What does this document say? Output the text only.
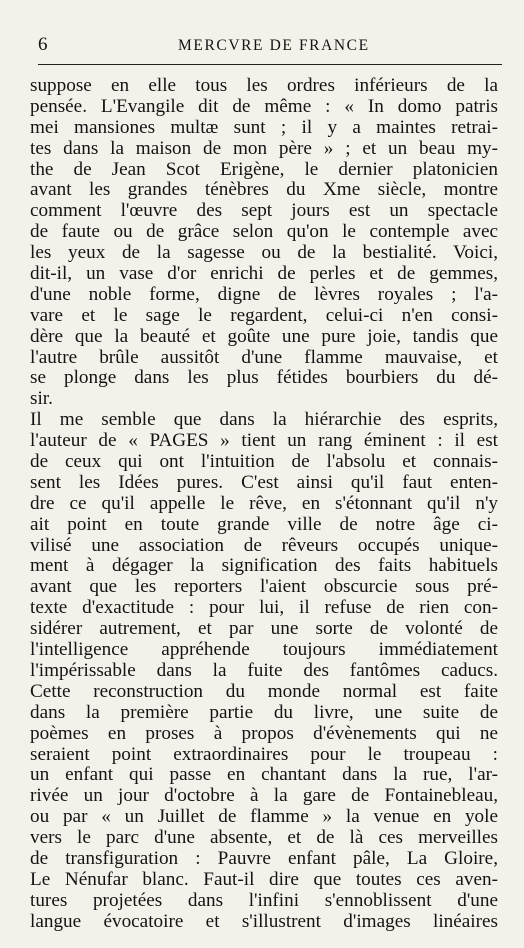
6	MERCVRE DE FRANCE
suppose en elle tous les ordres inférieurs de la
pensée. L'Evangile dit de même : « In domo patris
mei mansiones multæ sunt ; il y a maintes retrai-
tes dans la maison de mon père » ; et un beau my-
the de Jean Scot Erigène, le dernier platonicien
avant les grandes ténèbres du Xme siècle, montre
comment l'œuvre des sept jours est un spectacle
de faute ou de grâce selon qu'on le contemple avec
les yeux de la sagesse ou de la bestialité. Voici,
dit-il, un vase d'or enrichi de perles et de gemmes,
d'une noble forme, digne de lèvres royales ; l'a-
vare et le sage le regardent, celui-ci n'en consi-
dère que la beauté et goûte une pure joie, tandis que
l'autre brûle aussitôt d'une flamme mauvaise, et
se plonge dans les plus fétides bourbiers du dé-
sir.
Il me semble que dans la hiérarchie des esprits,
l'auteur de « PAGES » tient un rang éminent : il est
de ceux qui ont l'intuition de l'absolu et connais-
sent les Idées pures. C'est ainsi qu'il faut enten-
dre ce qu'il appelle le rêve, en s'étonnant qu'il n'y
ait point en toute grande ville de notre âge ci-
vilisé une association de rêveurs occupés unique-
ment à dégager la signification des faits habituels
avant que les reporters l'aient obscurcie sous pré-
texte d'exactitude : pour lui, il refuse de rien con-
sidérer autrement, et par une sorte de volonté de
l'intelligence appréhende toujours immédiatement
l'impérissable dans la fuite des fantômes caducs.
Cette reconstruction du monde normal est faite
dans la première partie du livre, une suite de
poèmes en proses à propos d'évènements qui ne
seraient point extraordinaires pour le troupeau :
un enfant qui passe en chantant dans la rue, l'ar-
rivée un jour d'octobre à la gare de Fontainebleau,
ou par « un Juillet de flamme » la venue en yole
vers le parc d'une absente, et de là ces merveilles
de transfiguration : Pauvre enfant pâle, La Gloire,
Le Nénufar blanc. Faut-il dire que toutes ces aven-
tures projetées dans l'infini s'ennoblissent d'une
langue évocatoire et s'illustrent d'images linéaires
